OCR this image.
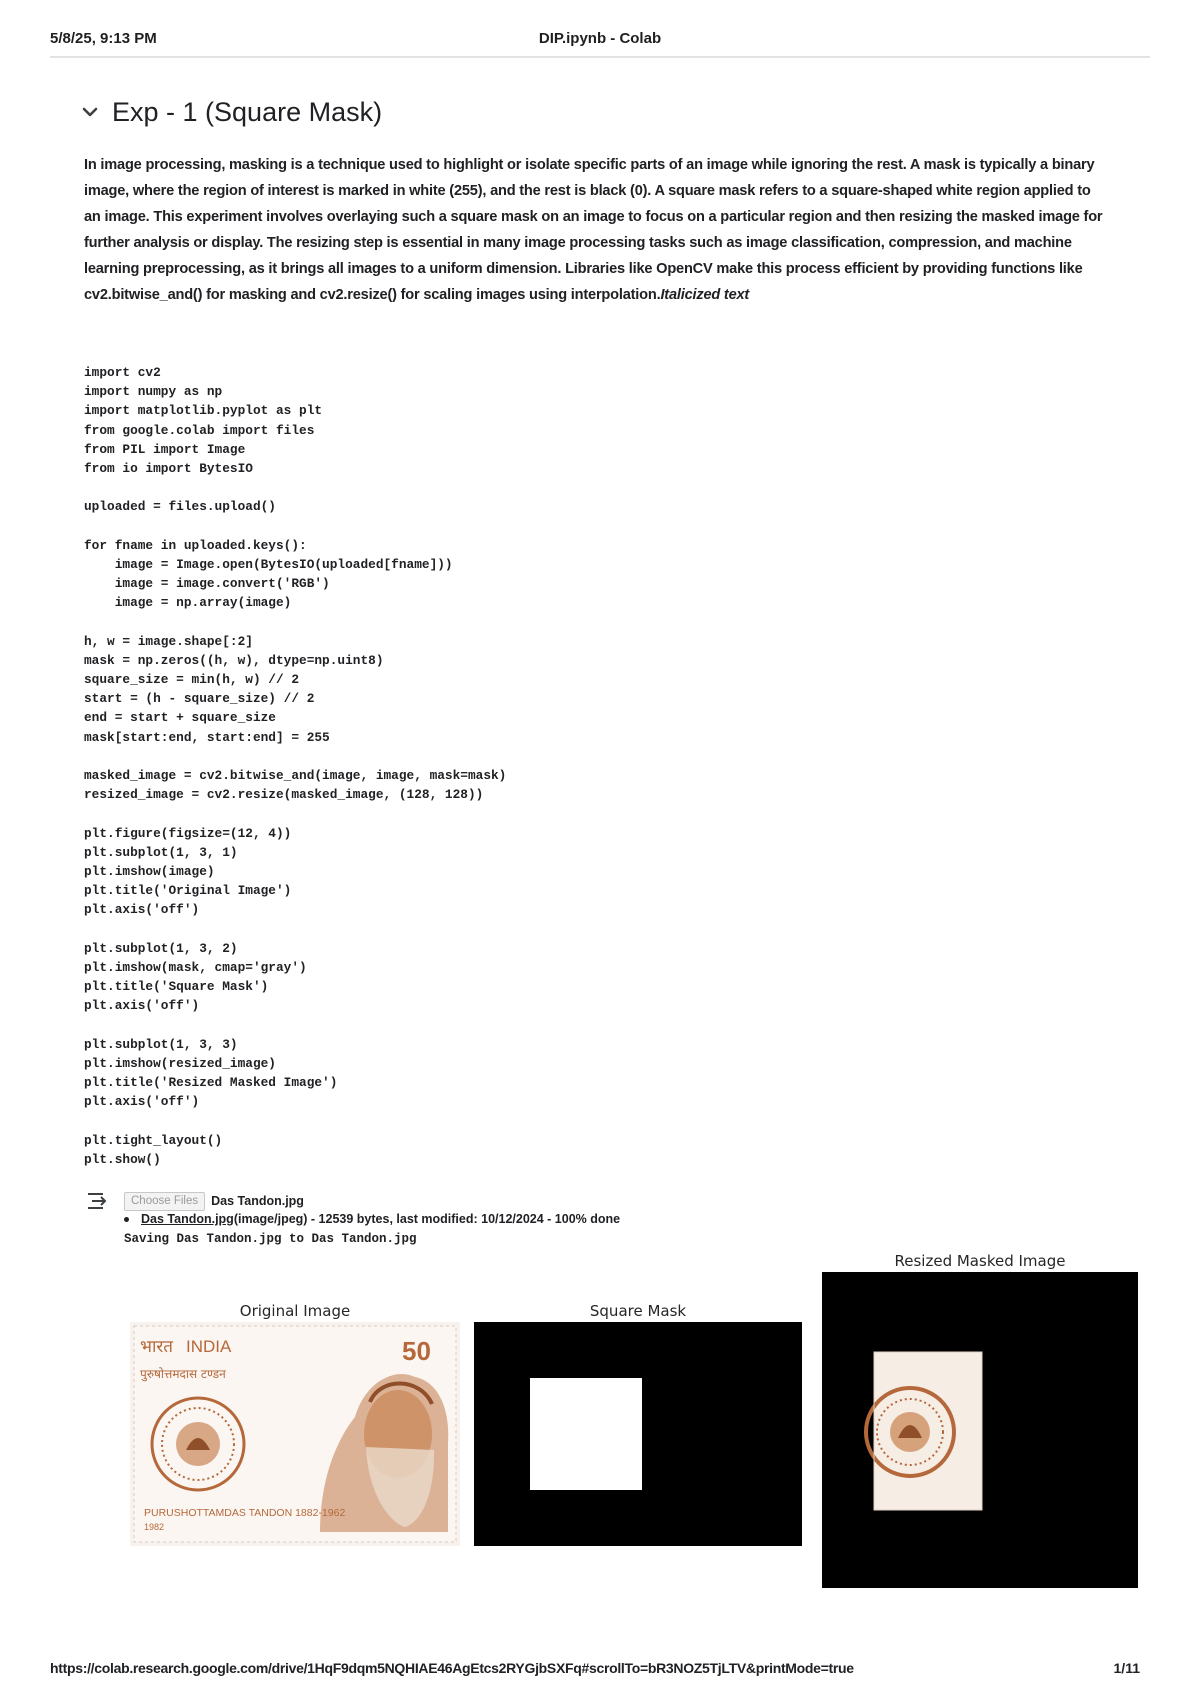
5/8/25, 9:13 PM	DIP.ipynb - Colab
Exp - 1 (Square Mask)

In image processing, masking is a technique used to highlight or isolate specific parts of an image while ignoring the rest. A mask is typically a binary image, where the region of interest is marked in white (255), and the rest is black (0). A square mask refers to a square-shaped white region applied to an image. This experiment involves overlaying such a square mask on an image to focus on a particular region and then resizing the masked image for further analysis or display. The resizing step is essential in many image processing tasks such as image classification, compression, and machine learning preprocessing, as it brings all images to a uniform dimension. Libraries like OpenCV make this process efficient by providing functions like cv2.bitwise_and() for masking and cv2.resize() for scaling images using interpolation.Italicized text

import cv2
import numpy as np
import matplotlib.pyplot as plt
from google.colab import files
from PIL import Image
from io import BytesIO
uploaded = files.upload()
for fname in uploaded.keys():
image = Image.open(BytesIO(uploaded[fname]))
image = image.convert('RGB')
image = np.array(image)
h, w = image.shape[:2]
mask = np.zeros((h, w), dtype=np.uint8)
square_size = min(h, w) // 2
start = (h - square_size) // 2
end = start + square_size
mask[start:end, start:end] = 255
masked_image = cv2.bitwise_and(image, image, mask=mask)
resized_image = cv2.resize(masked_image, (128, 128))
plt.figure(figsize=(12, 4))
plt.subplot(1, 3, 1)
plt.imshow(image)
plt.title('Original Image')
plt.axis('off')
plt.subplot(1, 3, 2)
plt.imshow(mask, cmap='gray')
plt.title('Square Mask')
plt.axis('off')
plt.subplot(1, 3, 3)
plt.imshow(resized_image)
plt.title('Resized Masked Image')
plt.axis('off')
plt.tight_layout()
plt.show()
Choose Files	Das Tandon.jpg
Das Tandon.jpg (image/jpeg) - 12539 bytes, last modified: 10/12/2024 - 100% done
Saving Das Tandon.jpg to Das Tandon.jpg
Original Image
भारत INDIA	50
पुरुषोत्तमदास टण्डन
PURUSHOTTAMDAS TANDON 1882-1962
1982
Square Mask
Resized Masked Image
https://colab.research.google.com/drive/1HqF9dqm5NQHIAE46AgEtcs2RYGjbSXFq#scrollTo=bR3NOZ5TjLTV&printMode=true	1/11
